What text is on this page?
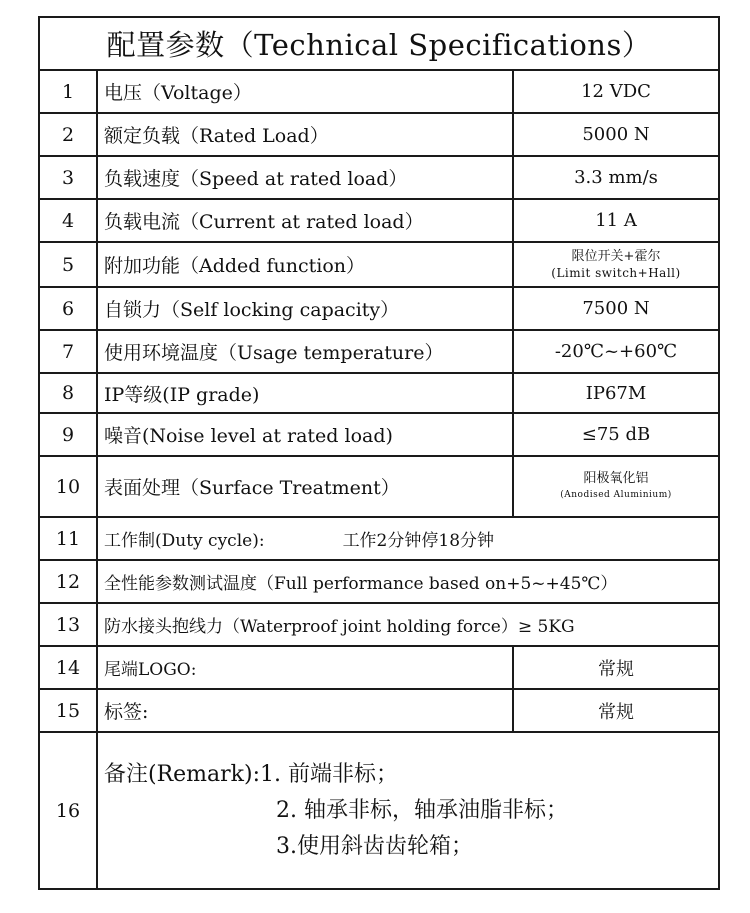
配置参数（Technical Specifications）		
1	电压（Voltage）	12 VDC
2	额定负载（Rated Load）	5000 N
3	负载速度（Speed at rated load）	3.3 mm/s
4	负载电流（Current at rated load）	11 A
5	附加功能（Added function）	限位开关+霍尔
(Limit switch+Hall)

6	自锁力（Self locking capacity）	7500 N
7	使用环境温度（Usage temperature）	-20℃~+60℃
8	IP等级(IP grade)	IP67M
9	噪音(Noise level at rated load)	≤75 dB
10	表面处理（Surface Treatment）	阳极氧化铝
(Anodised Aluminium)

11	工作制(Duty cycle): 工作2分钟停18分钟	
12	全性能参数测试温度（Full performance based on+5~+45℃）	
13	防水接头抱线力（Waterproof joint holding force）≥ 5KG	
14	尾端LOGO:	常规
15	标签:	常规
16	备注(Remark):1. 前端非标；
2. 轴承非标，轴承油脂非标；
3.使用斜齿齿轮箱；	
